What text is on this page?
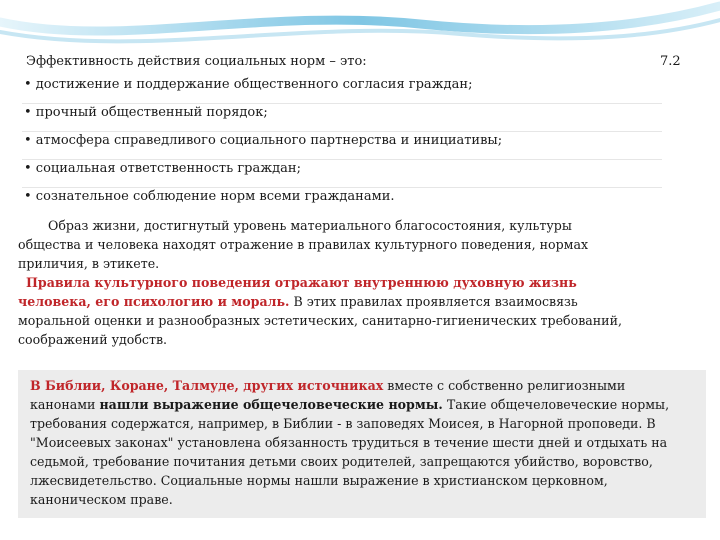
Эффективность действия социальных норм – это:	7.2
• достижение и поддержание общественного согласия граждан;
• прочный общественный порядок;
• атмосфера справедливого социального партнерства и инициативы;
• социальная ответственность граждан;
• сознательное соблюдение норм всеми гражданами.
Образ жизни, достигнутый уровень материального благосостояния, культуры общества и человека находят отражение в правилах культурного поведения, нормах приличия, в этикете.
Правила культурного поведения отражают внутреннюю духовную жизнь человека, его психологию и мораль. В этих правилах проявляется взаимосвязь моральной оценки и разнообразных эстетических, санитарно-гигиенических требований, соображений удобств.
В Библии, Коране, Талмуде, других источниках вместе с собственно религиозными канонами нашли выражение общечеловеческие нормы. Такие общечеловеческие нормы, требования содержатся, например, в Библии - в заповедях Моисея, в Нагорной проповеди. В "Моисеевых законах" установлена обязанность трудиться в течение шести дней и отдыхать на седьмой, требование почитания детьми своих родителей, запрещаются убийство, воровство, лжесвидетельство. Социальные нормы нашли выражение в христианском церковном, каноническом праве.
